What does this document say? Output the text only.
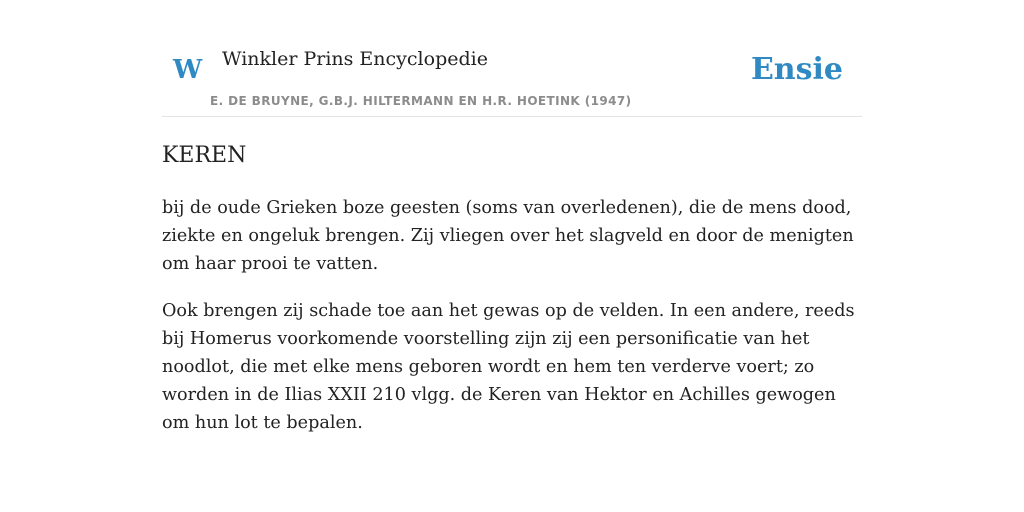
W Winkler Prins Encyclopedie
E. DE BRUYNE, G.B.J. HILTERMANN EN H.R. HOETINK (1947)
Ensie
KEREN

bij de oude Grieken boze geesten (soms van overledenen), die de mens dood, ziekte en ongeluk brengen. Zij vliegen over het slagveld en door de menigten om haar prooi te vatten.

Ook brengen zij schade toe aan het gewas op de velden. In een andere, reeds bij Homerus voorkomende voorstelling zijn zij een personificatie van het noodlot, die met elke mens geboren wordt en hem ten verderve voert; zo worden in de Ilias XXII 210 vlgg. de Keren van Hektor en Achilles gewogen om hun lot te bepalen.
